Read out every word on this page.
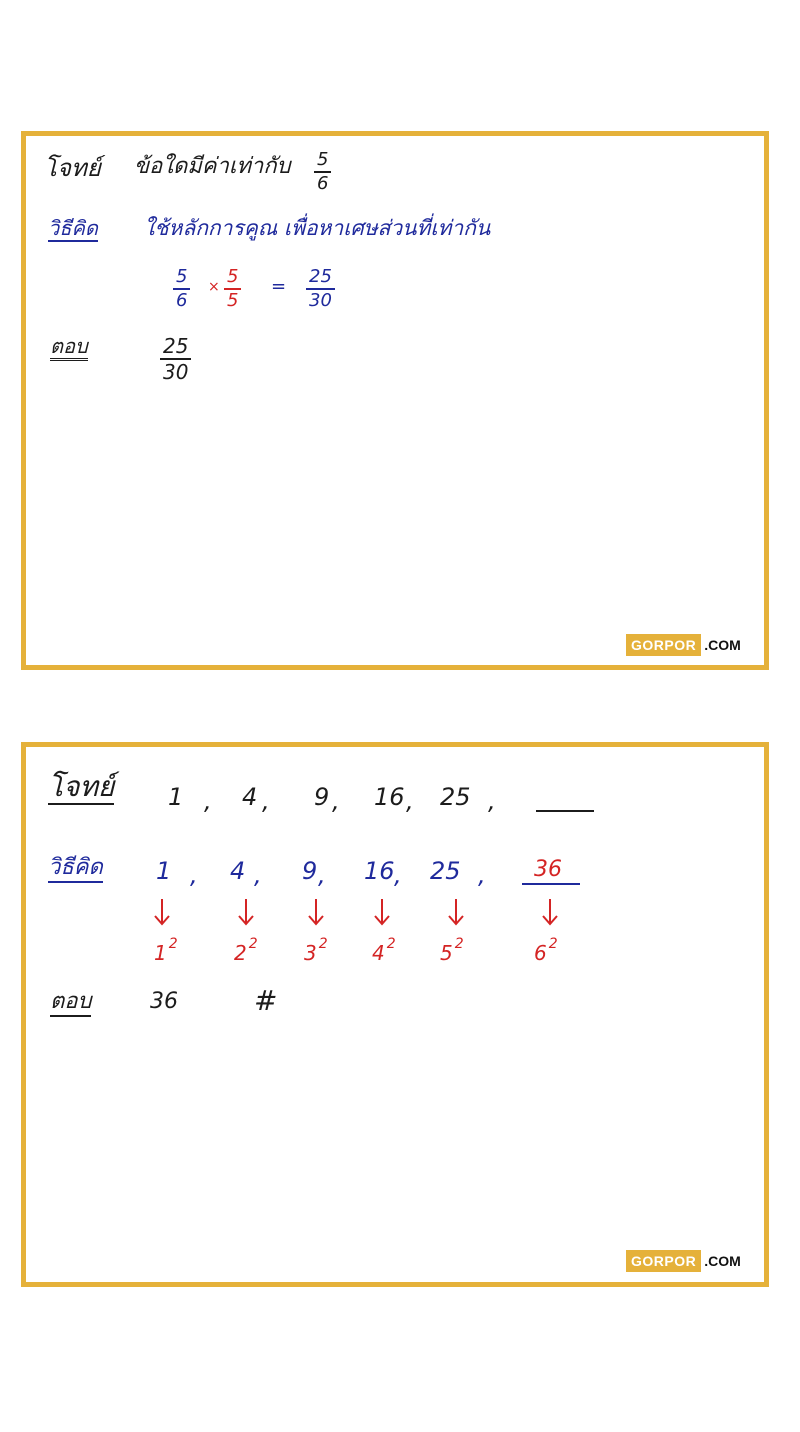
โจทย์ ข้อใดมีค่าเท่ากับ $\frac{5}{6}$
วิธีคิด ใช้หลักการคูณ เพื่อหาเศษส่วนที่เท่ากัน
$\frac{5}{6} \times \frac{5}{5} = \frac{25}{30}$
ตอบ	$\frac{25}{30}$
GORPOR .COM
โจทย์ 1 , 4 , 9 , 16 , 25 ,
วิธีคิด 1 , 4 , 9 , 16 , 25 , 36
1 $^2$	2 $^2$ 3 $^2$ 4 $^2$ 5 $^2$	6 $^2$
ตอบ	36	#
GORPOR .COM
